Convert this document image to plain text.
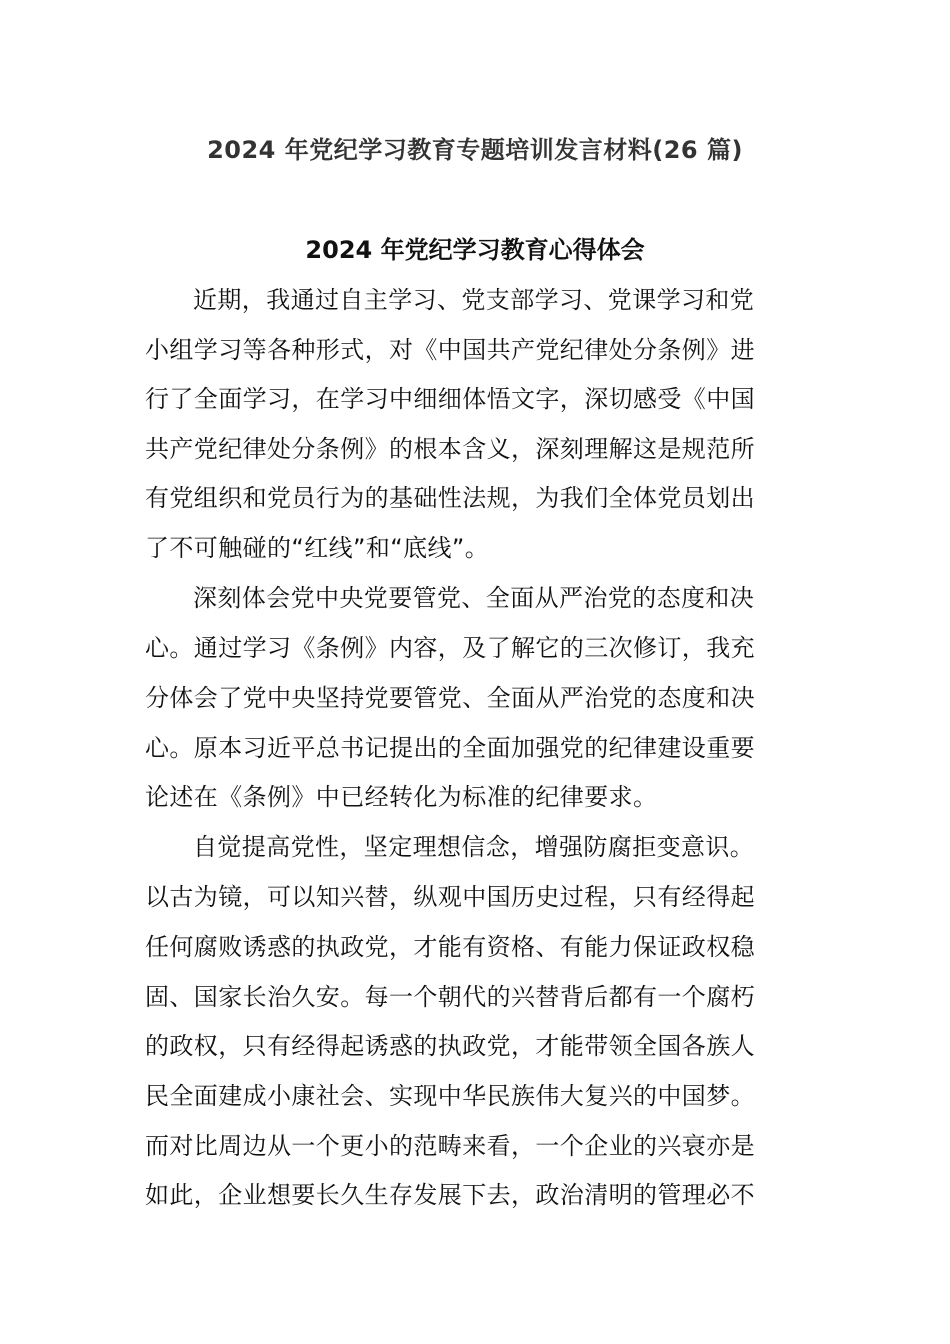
2024 年党纪学习教育专题培训发言材料(26 篇)
2024 年党纪学习教育心得体会

近期，我通过自主学习、党支部学习、党课学习和党

小组学习等各种形式，对《中国共产党纪律处分条例》进

行了全面学习，在学习中细细体悟文字，深切感受《中国

共产党纪律处分条例》的根本含义，深刻理解这是规范所

有党组织和党员行为的基础性法规，为我们全体党员划出

了不可触碰的“红线”和“底线”。

深刻体会党中央党要管党、全面从严治党的态度和决

心。通过学习《条例》内容，及了解它的三次修订，我充

分体会了党中央坚持党要管党、全面从严治党的态度和决

心。原本习近平总书记提出的全面加强党的纪律建设重要

论述在《条例》中已经转化为标准的纪律要求。

自觉提高党性，坚定理想信念，增强防腐拒变意识。

以古为镜，可以知兴替，纵观中国历史过程，只有经得起

任何腐败诱惑的执政党，才能有资格、有能力保证政权稳

固、国家长治久安。每一个朝代的兴替背后都有一个腐朽

的政权，只有经得起诱惑的执政党，才能带领全国各族人

民全面建成小康社会、实现中华民族伟大复兴的中国梦。

而对比周边从一个更小的范畴来看，一个企业的兴衰亦是

如此，企业想要长久生存发展下去，政治清明的管理必不
